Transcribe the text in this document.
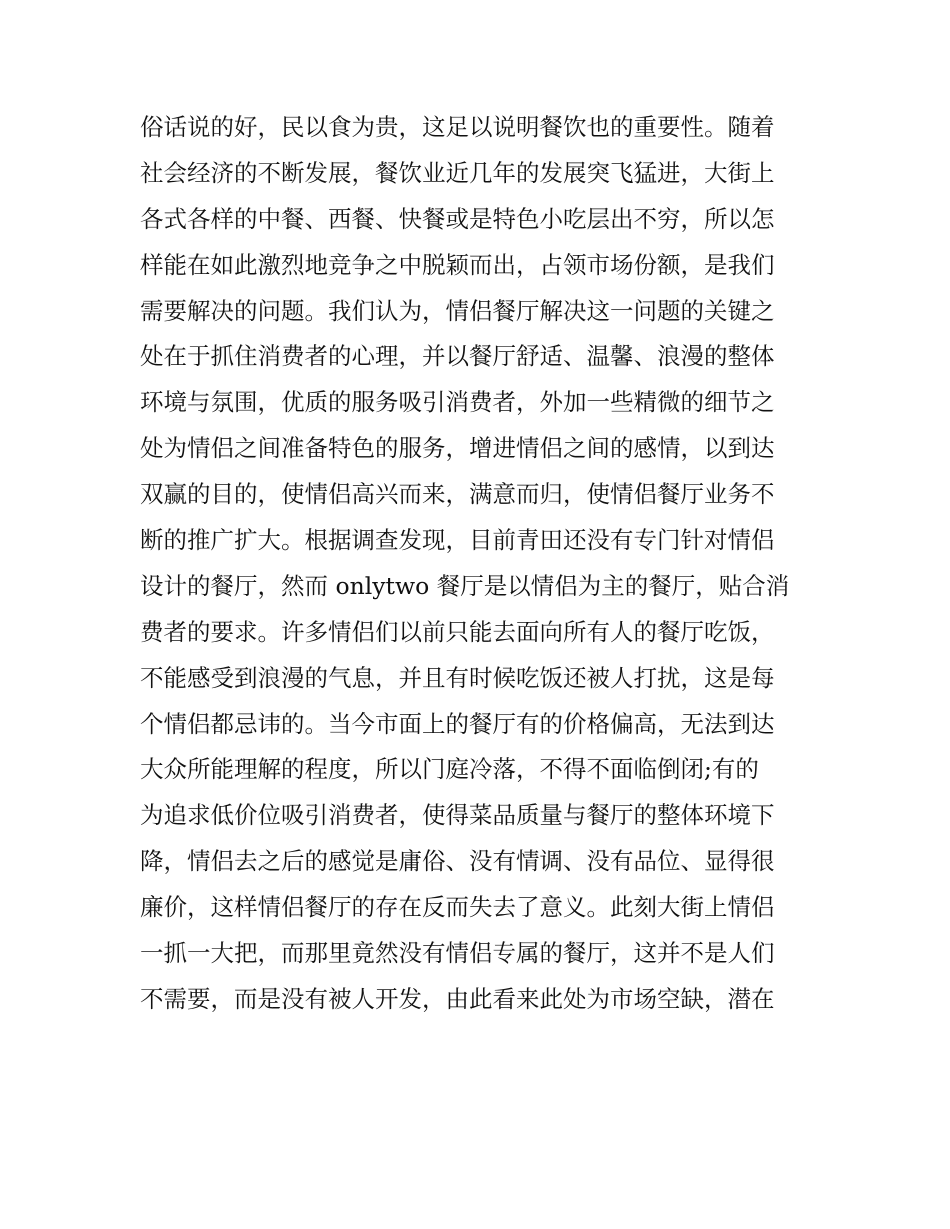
俗话说的好，民以食为贵，这足以说明餐饮也的重要性。随着
社会经济的不断发展，餐饮业近几年的发展突飞猛进，大街上
各式各样的中餐、西餐、快餐或是特色小吃层出不穷，所以怎
样能在如此激烈地竞争之中脱颖而出，占领市场份额，是我们
需要解决的问题。我们认为，情侣餐厅解决这一问题的关键之
处在于抓住消费者的心理，并以餐厅舒适、温馨、浪漫的整体
环境与氛围，优质的服务吸引消费者，外加一些精微的细节之
处为情侣之间准备特色的服务，增进情侣之间的感情，以到达
双赢的目的，使情侣高兴而来，满意而归，使情侣餐厅业务不
断的推广扩大。根据调查发现，目前青田还没有专门针对情侣
设计的餐厅，然而 onlytwo 餐厅是以情侣为主的餐厅，贴合消
费者的要求。许多情侣们以前只能去面向所有人的餐厅吃饭，
不能感受到浪漫的气息，并且有时候吃饭还被人打扰，这是每
个情侣都忌讳的。当今市面上的餐厅有的价格偏高，无法到达
大众所能理解的程度，所以门庭冷落，不得不面临倒闭;有的
为追求低价位吸引消费者，使得菜品质量与餐厅的整体环境下
降，情侣去之后的感觉是庸俗、没有情调、没有品位、显得很
廉价，这样情侣餐厅的存在反而失去了意义。此刻大街上情侣
一抓一大把，而那里竟然没有情侣专属的餐厅，这并不是人们
不需要，而是没有被人开发，由此看来此处为市场空缺，潜在
